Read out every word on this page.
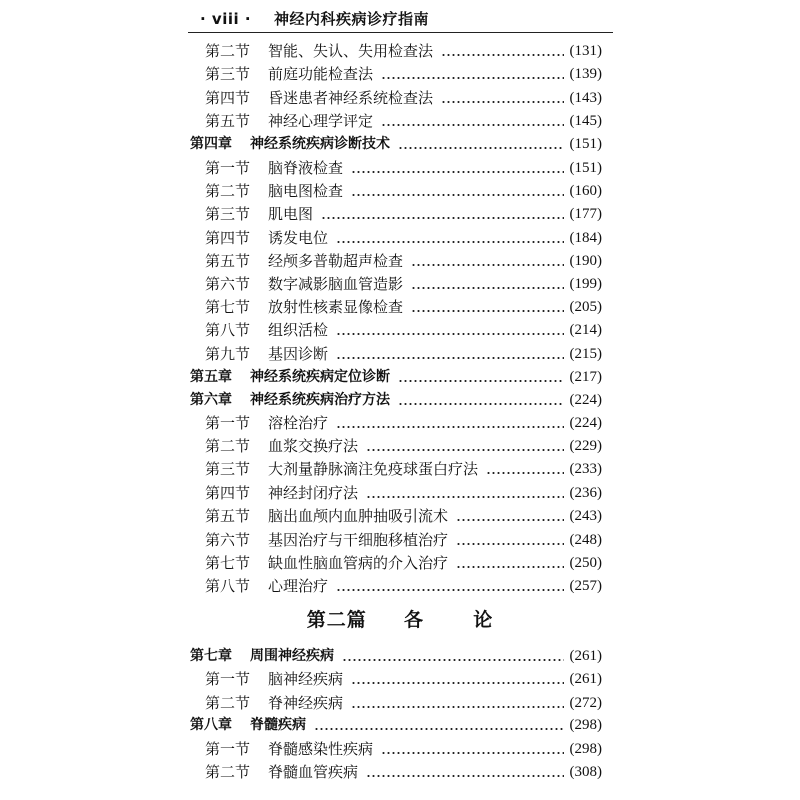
· viii · 神经内科疾病诊疗指南
第二节 智能、失认、失用检查法	(131)
第三节 前庭功能检查法	(139)
第四节 昏迷患者神经系统检查法	(143)
第五节 神经心理学评定	(145)
第四章 神经系统疾病诊断技术	(151)
第一节 脑脊液检查	(151)
第二节 脑电图检查	(160)
第三节 肌电图	(177)
第四节 诱发电位	(184)
第五节 经颅多普勒超声检查	(190)
第六节 数字减影脑血管造影	(199)
第七节 放射性核素显像检查	(205)
第八节 组织活检	(214)
第九节 基因诊断	(215)
第五章 神经系统疾病定位诊断	(217)
第六章 神经系统疾病治疗方法	(224)
第一节 溶栓治疗	(224)
第二节 血浆交换疗法	(229)
第三节 大剂量静脉滴注免疫球蛋白疗法	(233)
第四节 神经封闭疗法	(236)
第五节 脑出血颅内血肿抽吸引流术	(243)
第六节 基因治疗与干细胞移植治疗	(248)
第七节 缺血性脑血管病的介入治疗	(250)
第八节 心理治疗	(257)
第七章 周围神经疾病	(261)
第一节 脑神经疾病	(261)
第二节 脊神经疾病	(272)
第八章 脊髓疾病	(298)
第一节 脊髓感染性疾病	(298)
第二节 脊髓血管疾病	(308)
第二篇 各	论
